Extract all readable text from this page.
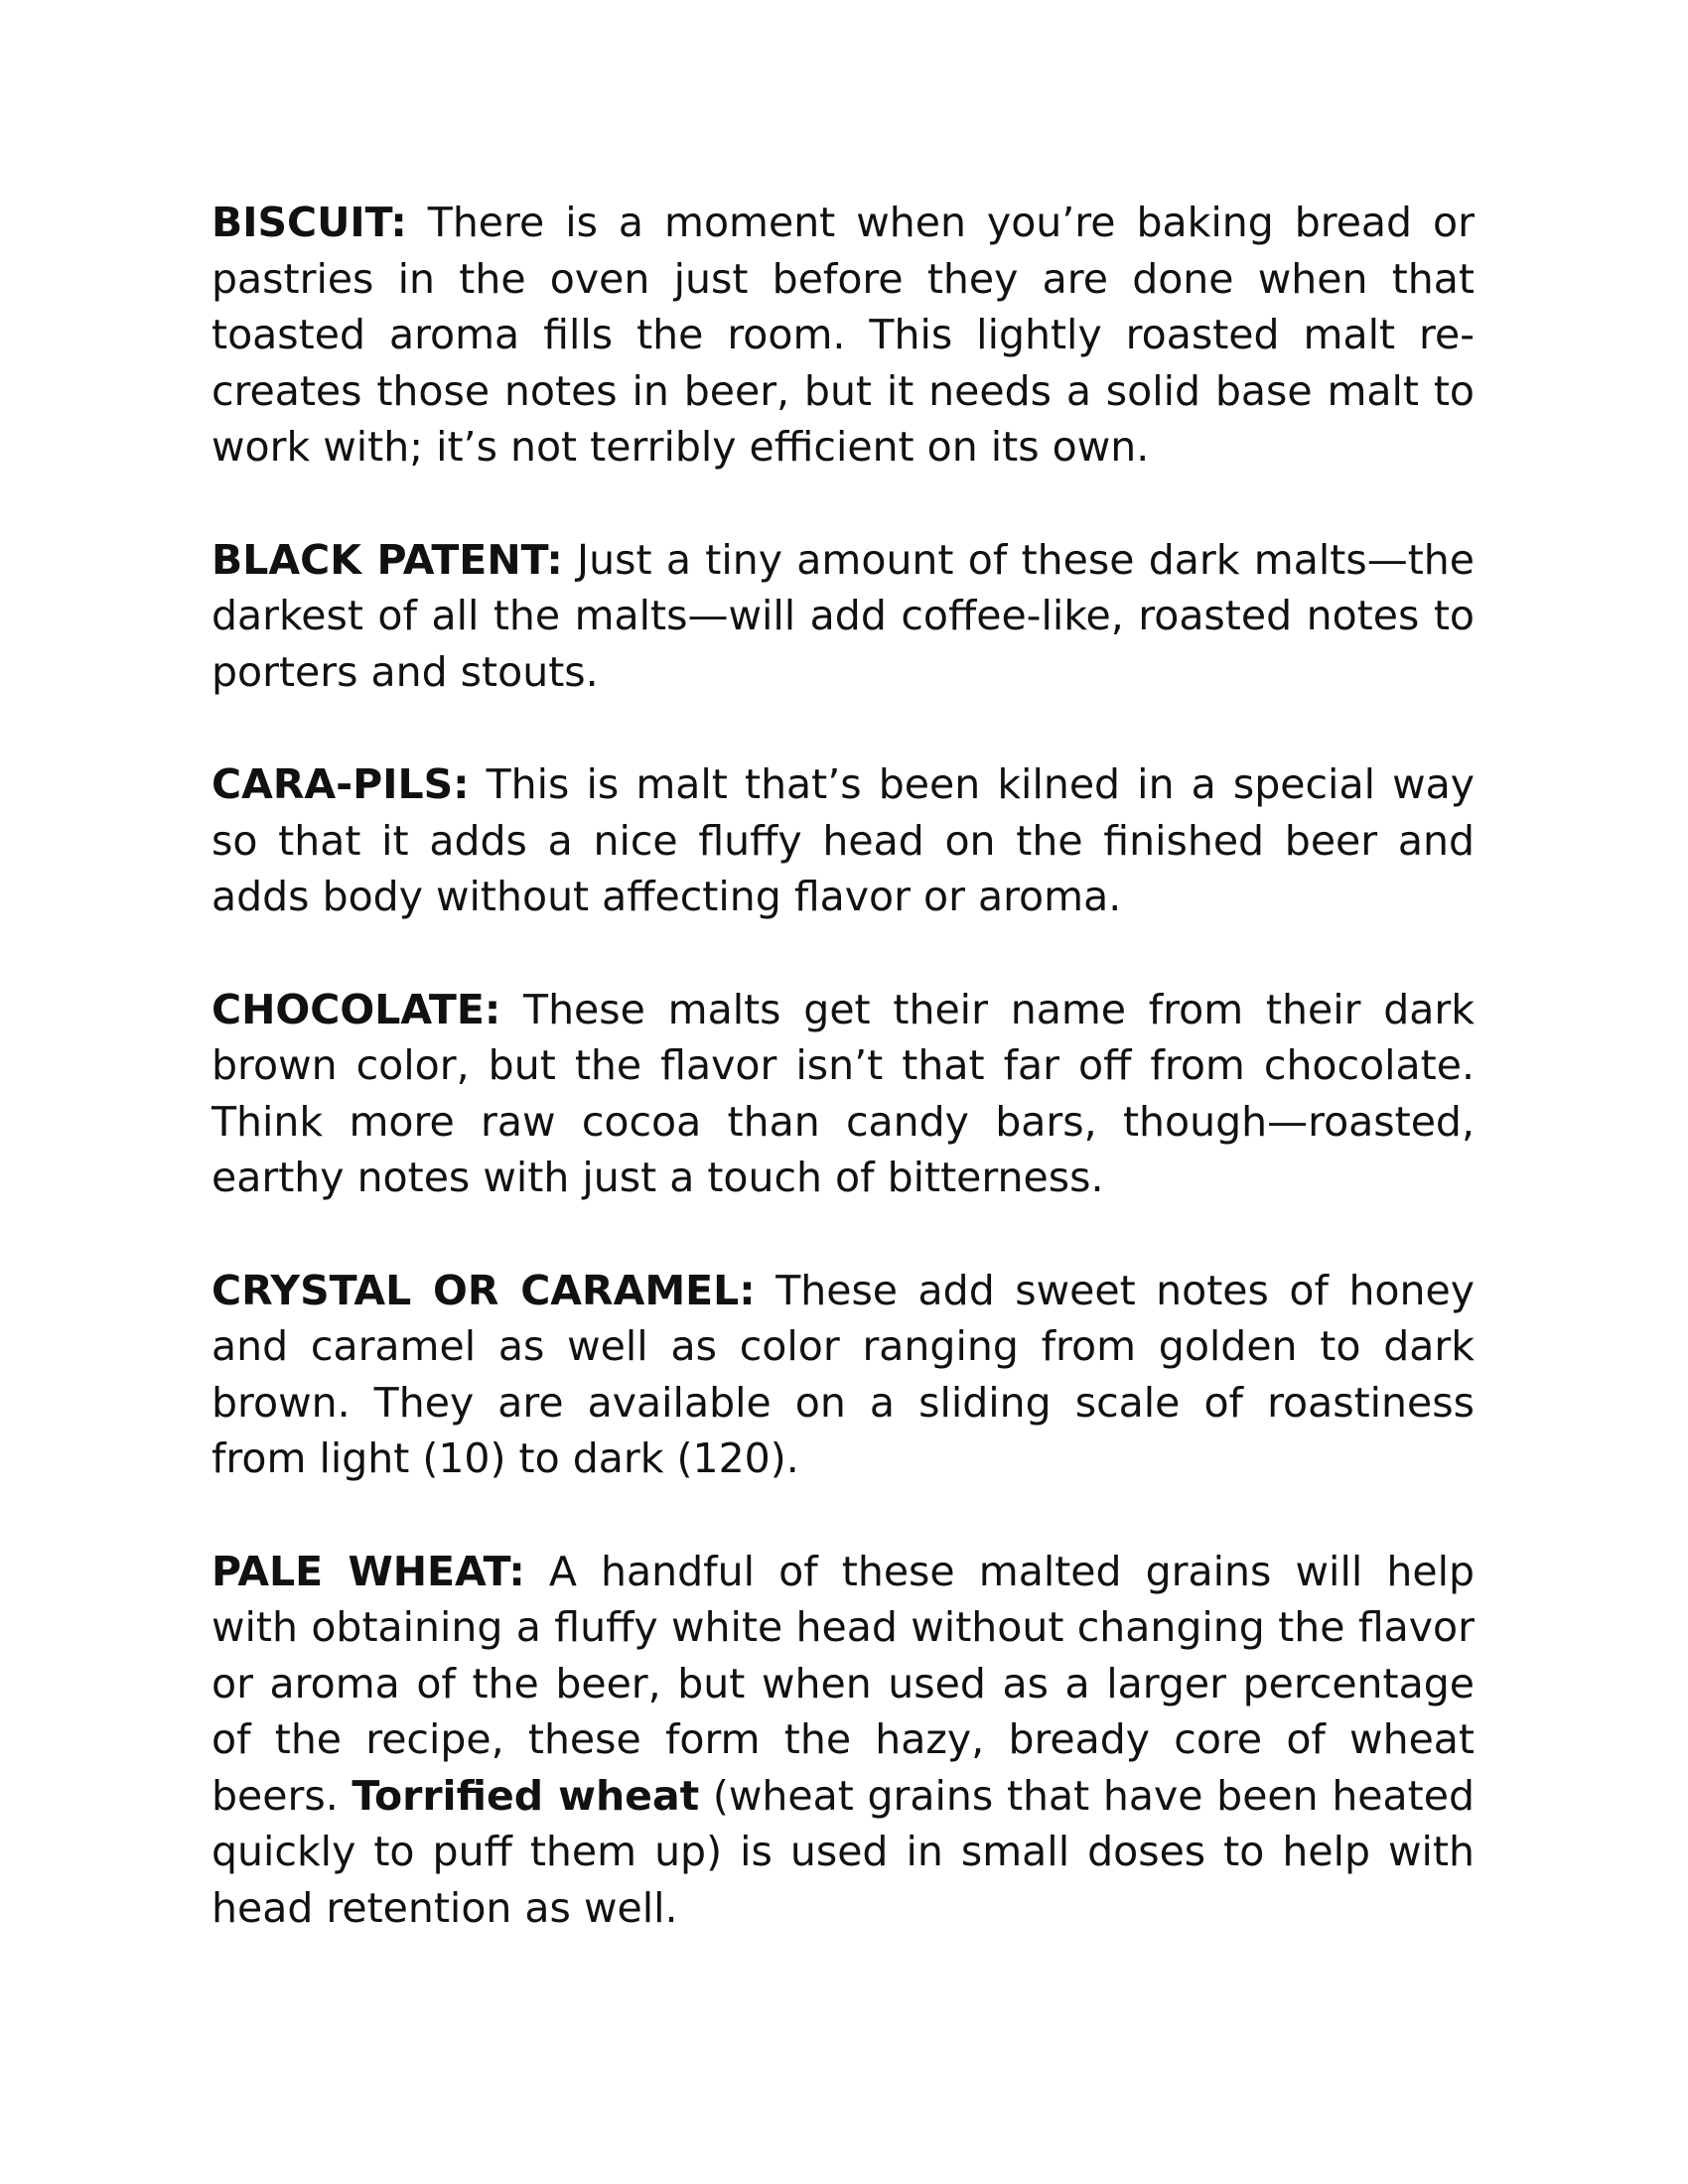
BISCUIT: There is a moment when you’re baking bread or pastries in the oven just before they are done when that toasted aroma fills the room. This lightly roasted malt re-creates those notes in beer, but it needs a solid base malt to work with; it’s not terribly efficient on its own.

BLACK PATENT: Just a tiny amount of these dark malts—the darkest of all the malts—will add coffee-like, roasted notes to porters and stouts.

CARA-PILS: This is malt that’s been kilned in a special way so that it adds a nice fluffy head on the finished beer and adds body without affecting flavor or aroma.

CHOCOLATE: These malts get their name from their dark brown color, but the flavor isn’t that far off from chocolate. Think more raw cocoa than candy bars, though—roasted, earthy notes with just a touch of bitterness.

CRYSTAL OR CARAMEL: These add sweet notes of honey and caramel as well as color ranging from golden to dark brown. They are available on a sliding scale of roastiness from light (10) to dark (120).

PALE WHEAT: A handful of these malted grains will help with obtaining a fluffy white head without changing the flavor or aroma of the beer, but when used as a larger percentage of the recipe, these form the hazy, bready core of wheat beers. Torrified wheat (wheat grains that have been heated quickly to puff them up) is used in small doses to help with head retention as well.
